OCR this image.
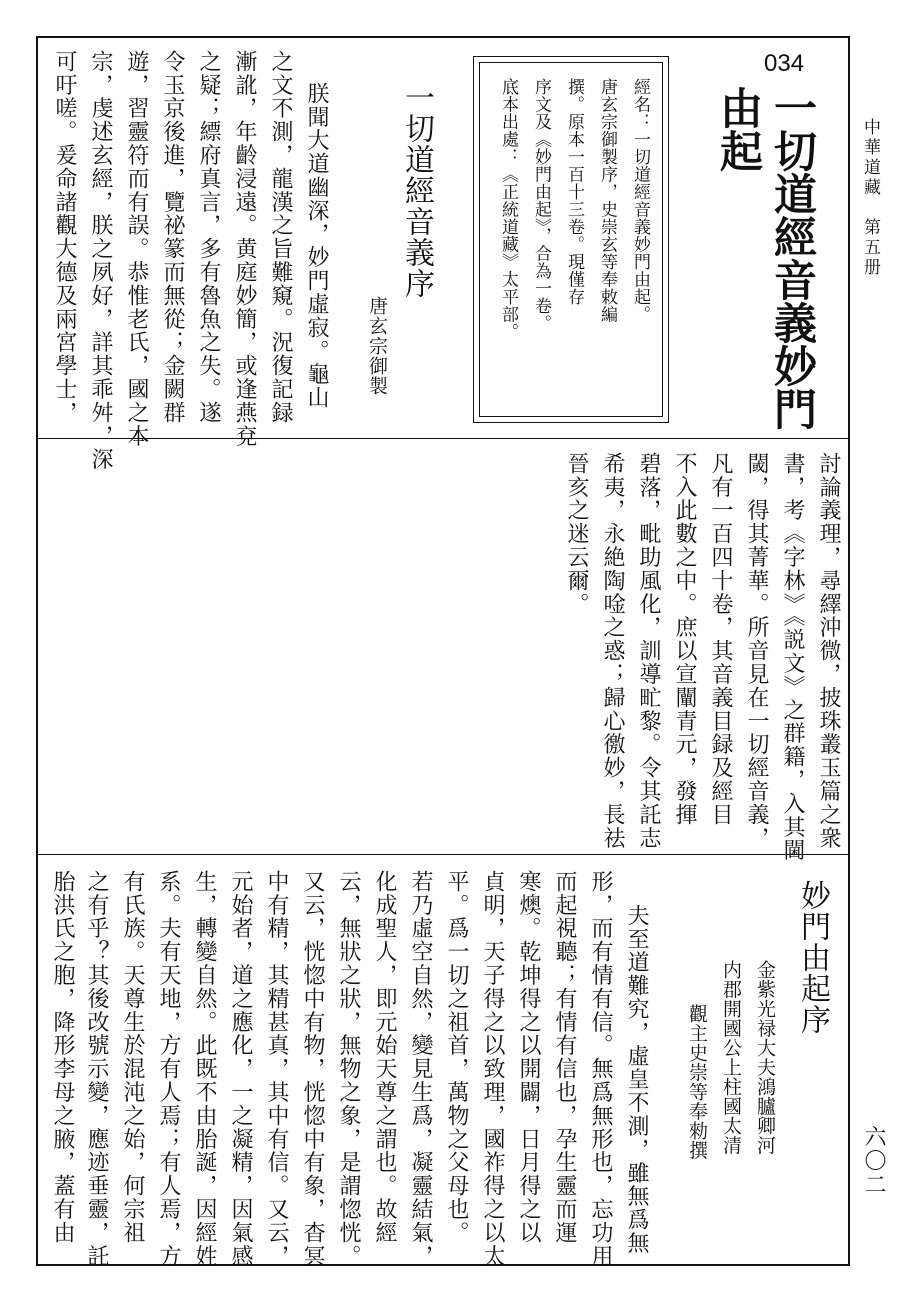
中華道藏　第五册
六〇二
034
一切道經音義妙門
由起
經名：一切道經音義妙門由起。
唐玄宗御製序，史崇玄等奉敕編
撰。原本一百十三卷。現僅存
序文及《妙門由起》，合為一卷。
底本出處：《正統道藏》太平部。
一切道經音義序
唐玄宗御製
朕聞大道幽深，妙門虛寂。龜山
之文不測，龍漢之旨難窺。況復記録
漸訛，年齡浸遠。黄庭妙簡，或逢燕兗
之疑；縹府真言，多有魯魚之失。遂
令玉京後進，覽祕篆而無從；金闕群
遊，習靈符而有誤。恭惟老氏，國之本
宗，虔述玄經，朕之夙好，詳其乖舛，深
可吁嗟。爰命諸觀大德及兩宮學士，
討論義理，尋繹沖微，披珠叢玉篇之衆
書，考《字林》《説文》之群籍，入其閫
閾，得其菁華。所音見在一切經音義，
凡有一百四十卷，其音義目録及經目
不入此數之中。庶以宣闡青元，發揮
碧落，毗助風化，訓導甿黎。令其託志
希夷，永絶陶唫之惑；歸心徼妙，長祛
晉亥之迷云爾。
妙門由起序
金紫光禄大夫鴻臚卿河
内郡開國公上柱國太清
觀主史崇等奉勑撰
夫至道難究，虛皇不測，雖無爲無
形，而有情有信。無爲無形也，忘功用
而起視聽；有情有信也，孕生靈而運
寒燠。乾坤得之以開闢，日月得之以
貞明，天子得之以致理，國祚得之以太
平。爲一切之祖首，萬物之父母也。
若乃虛空自然，變見生爲，凝靈結氣，
化成聖人，即元始天尊之謂也。故經
云，無狀之狀，無物之象，是謂惚恍。
又云，恍惚中有物，恍惚中有象，杳冥
中有精，其精甚真，其中有信。又云，
元始者，道之應化，一之凝精，因氣感
生，轉變自然。此既不由胎誕，因經姓
系。夫有天地，方有人焉；有人焉，方
有氏族。天尊生於混沌之始，何宗祖
之有乎？其後改號示變，應迹垂靈，託
胎洪氏之胞，降形李母之腋，蓋有由
